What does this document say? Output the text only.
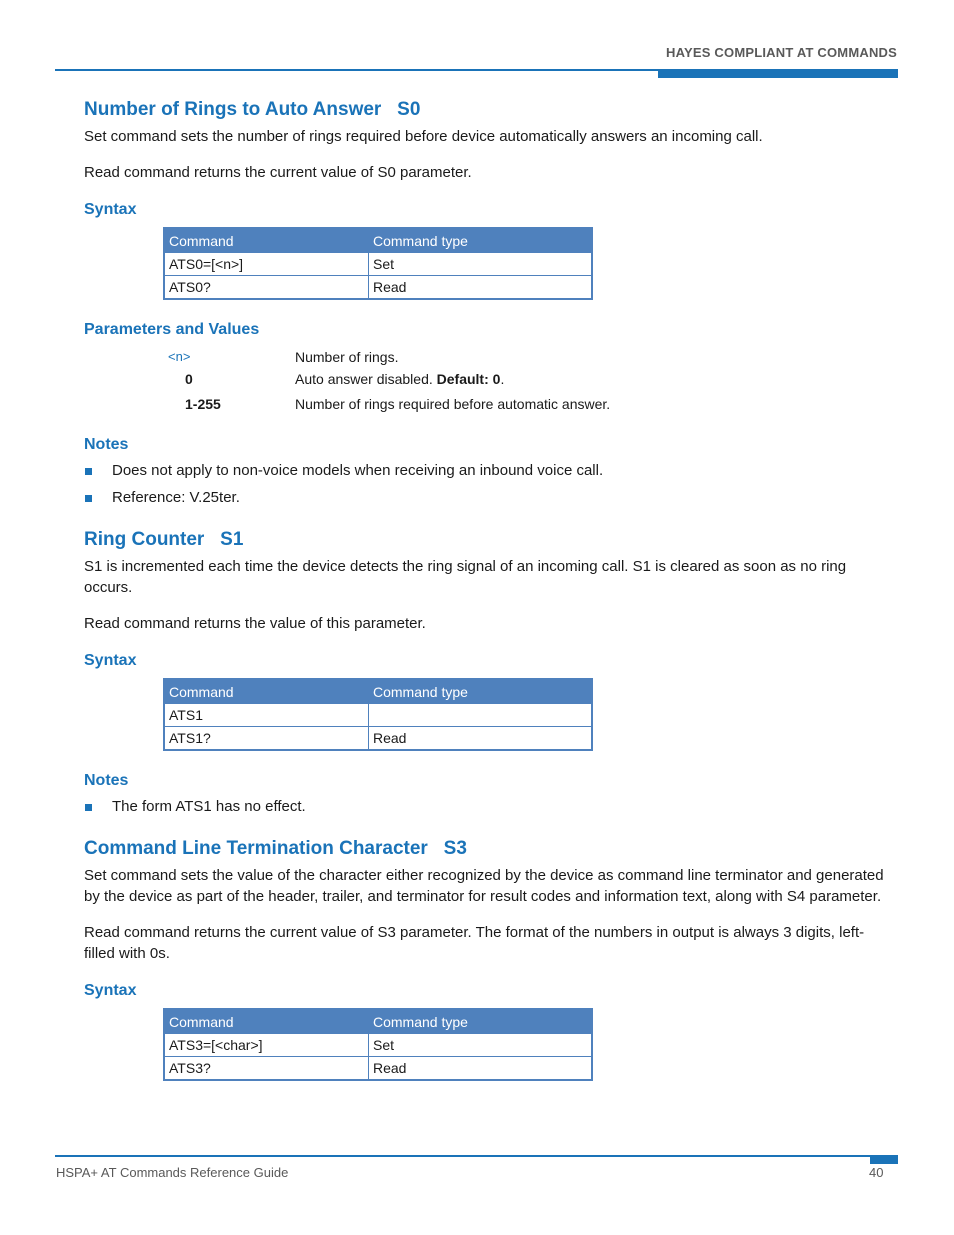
HAYES COMPLIANT AT COMMANDS
Number of Rings to Auto Answer   S0

Set command sets the number of rings required before device automatically answers an incoming call.

Read command returns the current value of S0 parameter.

Syntax
Command	Command type
ATS0=[<n>]	Set
ATS0?	Read
Parameters and Values
<n>	Number of rings.
0	Auto answer disabled. Default: 0.
1-255	Number of rings required before automatic answer.
Notes
Does not apply to non-voice models when receiving an inbound voice call.
Reference: V.25ter.
Ring Counter   S1

S1 is incremented each time the device detects the ring signal of an incoming call. S1 is cleared as soon as no ring occurs.

Read command returns the value of this parameter.

Syntax
Command	Command type
ATS1	
ATS1?	Read
Notes
The form ATS1 has no effect.
Command Line Termination Character   S3

Set command sets the value of the character either recognized by the device as command line terminator and generated by the device as part of the header, trailer, and terminator for result codes and information text, along with S4 parameter.

Read command returns the current value of S3 parameter. The format of the numbers in output is always 3 digits, left-filled with 0s.

Syntax
Command	Command type
ATS3=[<char>]	Set
ATS3?	Read
HSPA+ AT Commands Reference Guide	40
